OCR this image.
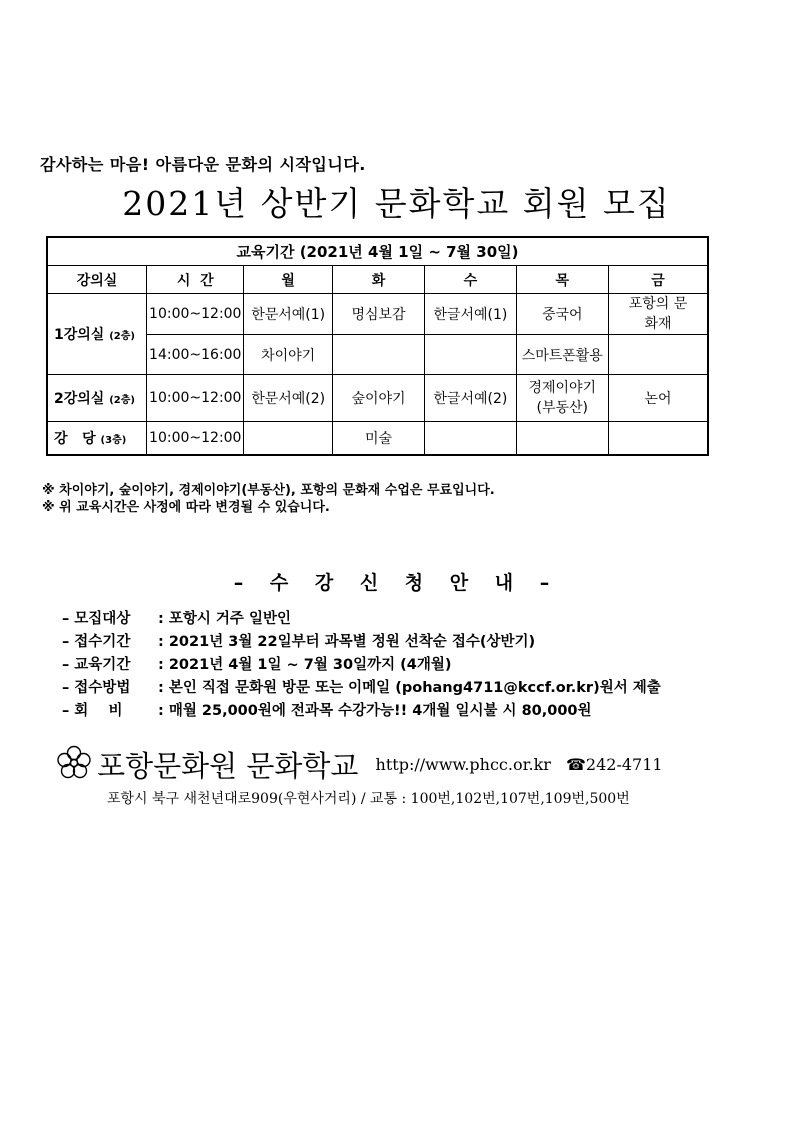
감사하는 마음! 아름다운 문화의 시작입니다.
2021년 상반기 문화학교 회원 모집
교육기간 (2021년 4월 1일 ~ 7월 30일)						
강의실	시  간	월	화	수	목	금
1강의실 (2층)	10:00~12:00	한문서예(1)	명심보감	한글서예(1)	중국어	포항의 문화재
	14:00~16:00	차이야기			스마트폰활용	
2강의실 (2층)	10:00~12:00	한문서예(2)	숲이야기	한글서예(2)	경제이야기 (부동산)	논어
강   당 (3층)	10:00~12:00		미술			
※ 차이야기, 숲이야기, 경제이야기(부동산), 포항의 문화재 수업은 무료입니다.
※ 위 교육시간은 사정에 따라 변경될 수 있습니다.
– 수 강 신 청 안 내 –
– 모집대상 : 포항시 거주 일반인
– 접수기간 : 2021년 3월 22일부터 과목별 정원 선착순 접수(상반기)
– 교육기간 : 2021년 4월 1일 ~ 7월 30일까지 (4개월)
– 접수방법 : 본인 직접 문화원 방문 또는 이메일 (pohang4711@kccf.or.kr)원서 제출
– 회    비 : 매월 25,000원에 전과목 수강가능!! 4개월 일시불 시 80,000원
포항문화원 문화학교 http://www.phcc.or.kr ☎242-4711
포항시 북구 새천년대로909(우현사거리) / 교통 : 100번,102번,107번,109번,500번
